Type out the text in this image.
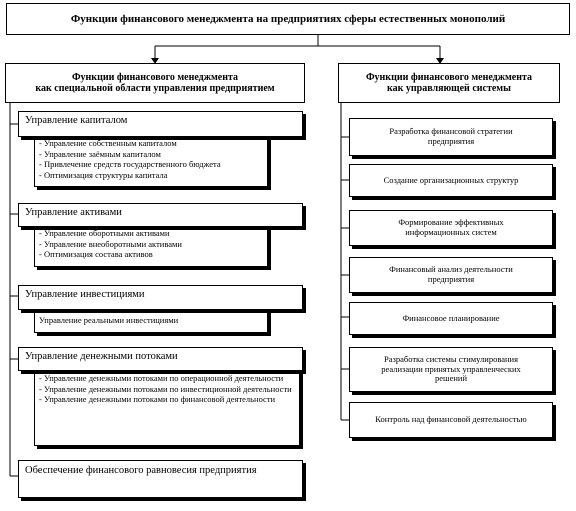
Функции финансового менеджмента на предприятиях сферы естественных монополий
Функции финансового менеджмента
как специальной области управления предприятием
Функции финансового менеджмента
как управляющей системы
- Управление собственным капиталом
- Управление заёмным капиталом
- Привлечение средств государственного бюджета
- Оптимизация структуры капитала
Управление капиталом
- Управление оборотными активами
- Управление внеоборотными активами
- Оптимизация состава активов
Управление активами
Управление реальными инвестициями
Управление инвестициями
- Управление денежными потоками по операционной деятельности
- Управление денежными потоками по инвестиционной деятельности
- Управление денежными потоками по финансовой деятельности
Управление денежными потоками
Обеспечение финансового равновесия предприятия
Разработка финансовой стратегии предприятия
Создание организационных структур
Формирование эффективных информационных систем
Финансовый анализ деятельности предприятия
Финансовое планирование
Разработка системы стимулирования реализации принятых управленческих решений
Контроль над финансовой деятельностью
